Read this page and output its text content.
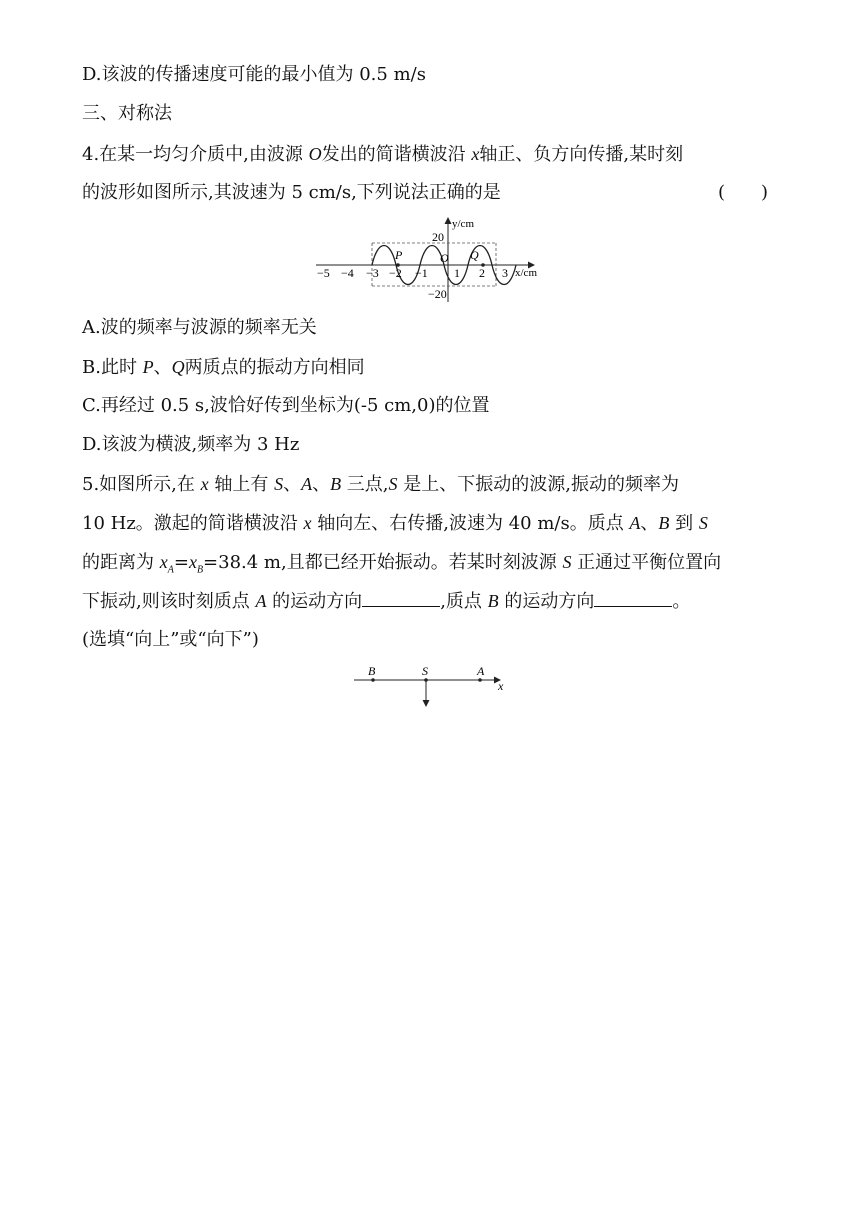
D.该波的传播速度可能的最小值为 0.5 m/s
三、对称法
4.在某一均匀介质中,由波源 O发出的简谐横波沿 x轴正、负方向传播,某时刻
的波形如图所示,其波速为 5 cm/s,下列说法正确的是	(　　)
y/cm
x/cm
20
−20
O
P	Q
−5 −4 −3 −2 −1 1 2 3
A.波的频率与波源的频率无关
B.此时 P、Q两质点的振动方向相同
C.再经过 0.5 s,波恰好传到坐标为(-5 cm,0)的位置
D.该波为横波,频率为 3 Hz
5.如图所示,在 x 轴上有 S、A、B 三点,S 是上、下振动的波源,振动的频率为
10 Hz。激起的简谐横波沿 x 轴向左、右传播,波速为 40 m/s。质点 A、B 到 S
的距离为 $x_A=x_B=38.4$ m,且都已经开始振动。若某时刻波源 S 正通过平衡位置向
下振动,则该时刻质点 A 的运动方向	,质点 B 的运动方向	。
(选填“向上”或“向下”)
B	S	A
x
